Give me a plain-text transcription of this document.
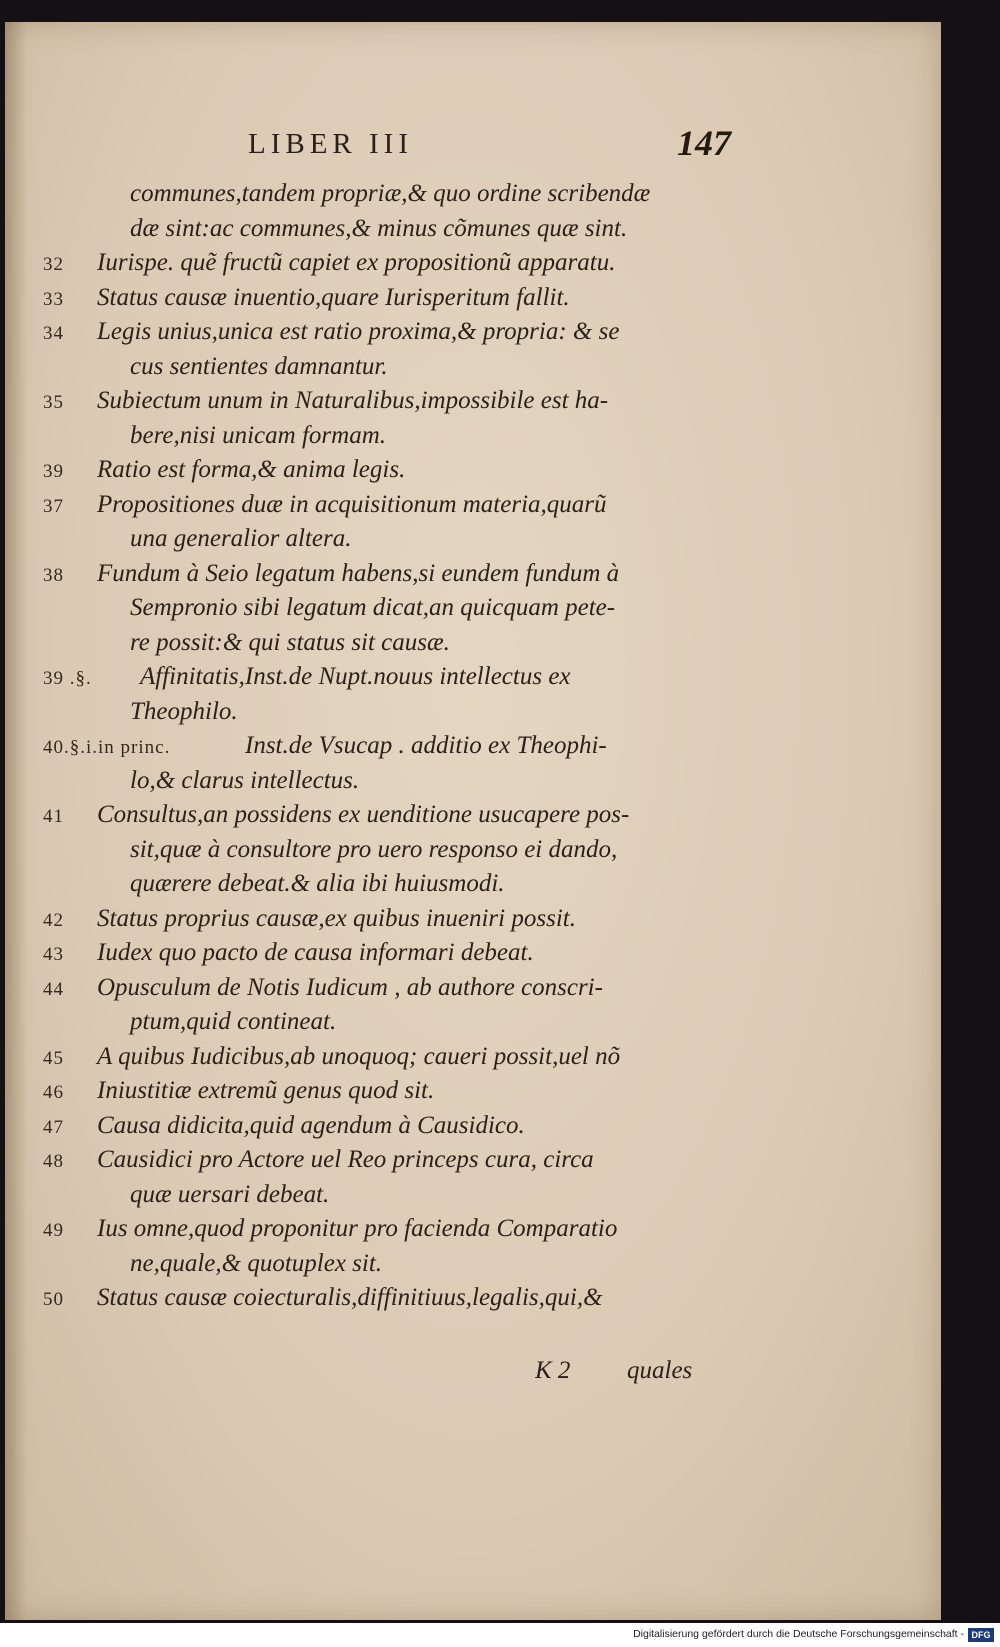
LIBER III	147
communes,tandem propriæ,& quo ordine scribendæ
dæ sint:ac communes,& minus cõmunes quæ sint.
32 Iurispe. quẽ fructũ capiet ex propositionũ apparatu.
33 Status causæ inuentio,quare Iurisperitum fallit.
34 Legis unius,unica est ratio proxima,& propria: & se
cus sentientes damnantur.
35 Subiectum unum in Naturalibus,impossibile est ha-
bere,nisi unicam formam.
39 Ratio est forma,& anima legis.
37 Propositiones duæ in acquisitionum materia,quarũ
una generalior altera.
38 Fundum à Seio legatum habens,si eundem fundum à
Sempronio sibi legatum dicat,an quicquam pete-
re possit:& qui status sit causæ.
39 .§. Affinitatis,Inst.de Nupt.nouus intellectus ex
Theophilo.
40.§.i.in princ.	Inst.de Vsucap . additio ex Theophi-
lo,& clarus intellectus.
41 Consultus,an possidens ex uenditione usucapere pos-
sit,quæ à consultore pro uero responso ei dando,
quærere debeat.& alia ibi huiusmodi.
42 Status proprius causæ,ex quibus inueniri possit.
43 Iudex quo pacto de causa informari debeat.
44 Opusculum de Notis Iudicum , ab authore conscri-
ptum,quid contineat.
45 A quibus Iudicibus,ab unoquoq; caueri possit,uel nõ
46 Iniustitiæ extremũ genus quod sit.
47 Causa didicita,quid agendum à Causidico.
48 Causidici pro Actore uel Reo princeps cura, circa
quæ uersari debeat.
49 Ius omne,quod proponitur pro facienda Comparatio
ne,quale,& quotuplex sit.
50 Status causæ coiecturalis,diffinitiuus,legalis,qui,&
K 2 quales
Digitalisierung gefördert durch die Deutsche Forschungsgemeinschaft - DFG
